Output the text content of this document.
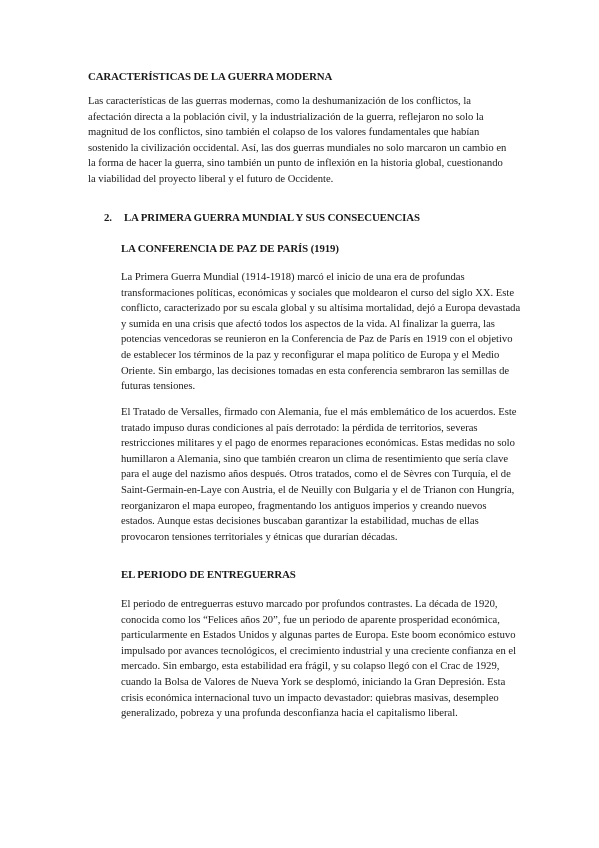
CARACTERÍSTICAS DE LA GUERRA MODERNA

Las características de las guerras modernas, como la deshumanización de los conflictos, la afectación directa a la población civil, y la industrialización de la guerra, reflejaron no solo la magnitud de los conflictos, sino también el colapso de los valores fundamentales que habían sostenido la civilización occidental. Así, las dos guerras mundiales no solo marcaron un cambio en la forma de hacer la guerra, sino también un punto de inflexión en la historia global, cuestionando la viabilidad del proyecto liberal y el futuro de Occidente.

2. LA PRIMERA GUERRA MUNDIAL Y SUS CONSECUENCIAS
LA CONFERENCIA DE PAZ DE PARÍS (1919)

La Primera Guerra Mundial (1914-1918) marcó el inicio de una era de profundas transformaciones políticas, económicas y sociales que moldearon el curso del siglo XX. Este conflicto, caracterizado por su escala global y su altísima mortalidad, dejó a Europa devastada y sumida en una crisis que afectó todos los aspectos de la vida. Al finalizar la guerra, las potencias vencedoras se reunieron en la Conferencia de Paz de París en 1919 con el objetivo de establecer los términos de la paz y reconfigurar el mapa político de Europa y el Medio Oriente. Sin embargo, las decisiones tomadas en esta conferencia sembraron las semillas de futuras tensiones.

El Tratado de Versalles, firmado con Alemania, fue el más emblemático de los acuerdos. Este tratado impuso duras condiciones al país derrotado: la pérdida de territorios, severas restricciones militares y el pago de enormes reparaciones económicas. Estas medidas no solo humillaron a Alemania, sino que también crearon un clima de resentimiento que sería clave para el auge del nazismo años después. Otros tratados, como el de Sèvres con Turquía, el de Saint-Germain-en-Laye con Austria, el de Neuilly con Bulgaria y el de Trianon con Hungría, reorganizaron el mapa europeo, fragmentando los antiguos imperios y creando nuevos estados. Aunque estas decisiones buscaban garantizar la estabilidad, muchas de ellas provocaron tensiones territoriales y étnicas que durarían décadas.

EL PERIODO DE ENTREGUERRAS

El periodo de entreguerras estuvo marcado por profundos contrastes. La década de 1920, conocida como los “Felices años 20”, fue un periodo de aparente prosperidad económica, particularmente en Estados Unidos y algunas partes de Europa. Este boom económico estuvo impulsado por avances tecnológicos, el crecimiento industrial y una creciente confianza en el mercado. Sin embargo, esta estabilidad era frágil, y su colapso llegó con el Crac de 1929, cuando la Bolsa de Valores de Nueva York se desplomó, iniciando la Gran Depresión. Esta crisis económica internacional tuvo un impacto devastador: quiebras masivas, desempleo generalizado, pobreza y una profunda desconfianza hacia el capitalismo liberal.
